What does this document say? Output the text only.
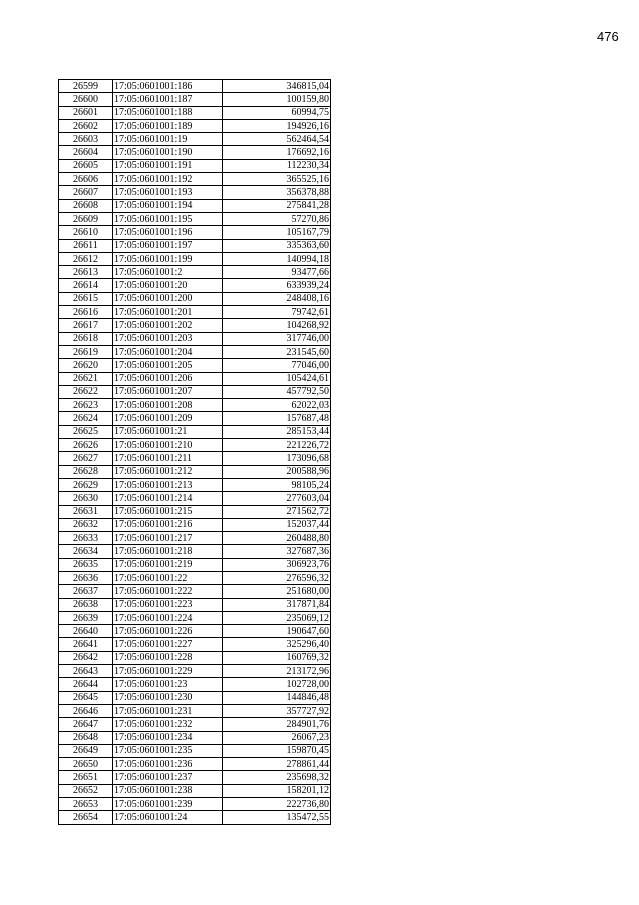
476
26599	17:05:0601001:186	346815,04
26600	17:05:0601001:187	100159,80
26601	17:05:0601001:188	60994,75
26602	17:05:0601001:189	194926,16
26603	17:05:0601001:19	562464,54
26604	17:05:0601001:190	176692,16
26605	17:05:0601001:191	112230,34
26606	17:05:0601001:192	365525,16
26607	17:05:0601001:193	356378,88
26608	17:05:0601001:194	275841,28
26609	17:05:0601001:195	57270,86
26610	17:05:0601001:196	105167,79
26611	17:05:0601001:197	335363,60
26612	17:05:0601001:199	140994,18
26613	17:05:0601001:2	93477,66
26614	17:05:0601001:20	633939,24
26615	17:05:0601001:200	248408,16
26616	17:05:0601001:201	79742,61
26617	17:05:0601001:202	104268,92
26618	17:05:0601001:203	317746,00
26619	17:05:0601001:204	231545,60
26620	17:05:0601001:205	77046,00
26621	17:05:0601001:206	105424,61
26622	17:05:0601001:207	457792,50
26623	17:05:0601001:208	62022,03
26624	17:05:0601001:209	157687,48
26625	17:05:0601001:21	285153,44
26626	17:05:0601001:210	221226,72
26627	17:05:0601001:211	173096,68
26628	17:05:0601001:212	200588,96
26629	17:05:0601001:213	98105,24
26630	17:05:0601001:214	277603,04
26631	17:05:0601001:215	271562,72
26632	17:05:0601001:216	152037,44
26633	17:05:0601001:217	260488,80
26634	17:05:0601001:218	327687,36
26635	17:05:0601001:219	306923,76
26636	17:05:0601001:22	276596,32
26637	17:05:0601001:222	251680,00
26638	17:05:0601001:223	317871,84
26639	17:05:0601001:224	235069,12
26640	17:05:0601001:226	190647,60
26641	17:05:0601001:227	325296,40
26642	17:05:0601001:228	160769,32
26643	17:05:0601001:229	213172,96
26644	17:05:0601001:23	102728,00
26645	17:05:0601001:230	144846,48
26646	17:05:0601001:231	357727,92
26647	17:05:0601001:232	284901,76
26648	17:05:0601001:234	26067,23
26649	17:05:0601001:235	159870,45
26650	17:05:0601001:236	278861,44
26651	17:05:0601001:237	235698,32
26652	17:05:0601001:238	158201,12
26653	17:05:0601001:239	222736,80
26654	17:05:0601001:24	135472,55
